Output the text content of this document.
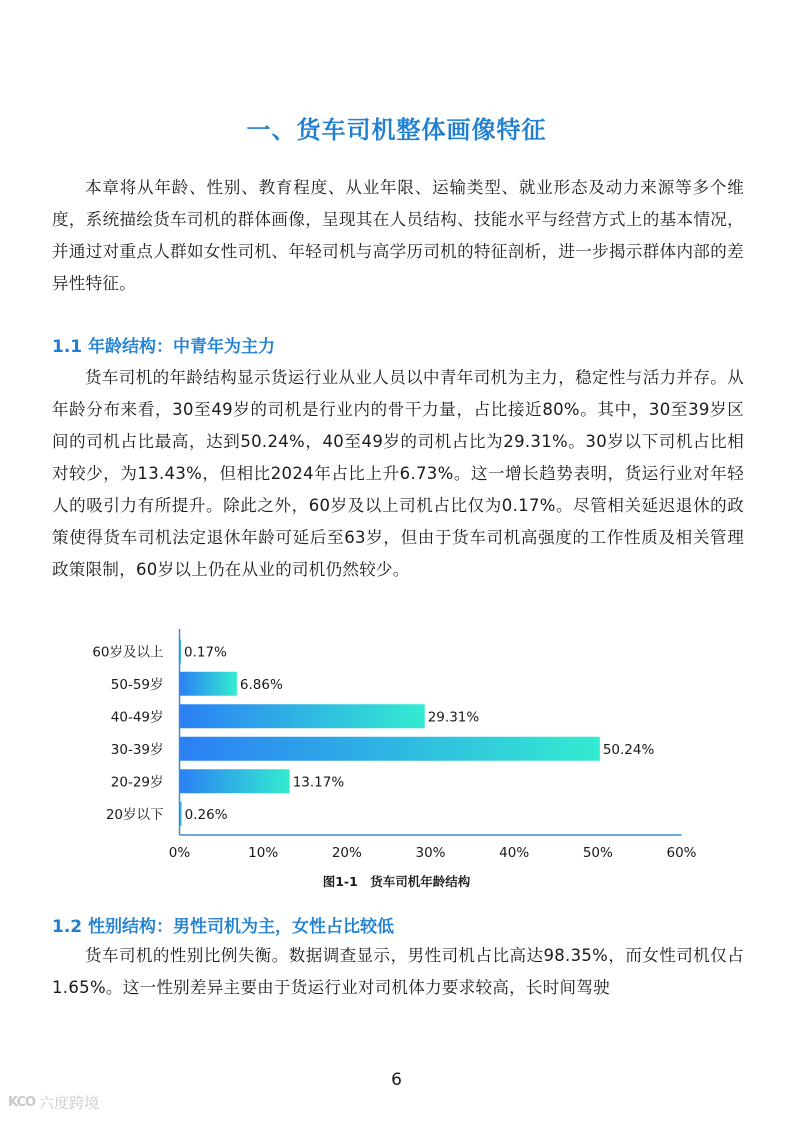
一、货车司机整体画像特征

本章将从年龄、性别、教育程度、从业年限、运输类型、就业形态及动力来源等多个维度，系统描绘货车司机的群体画像，呈现其在人员结构、技能水平与经营方式上的基本情况，并通过对重点人群如女性司机、年轻司机与高学历司机的特征剖析，进一步揭示群体内部的差异性特征。

1.1 年龄结构：中青年为主力

货车司机的年龄结构显示货运行业从业人员以中青年司机为主力，稳定性与活力并存。从年龄分布来看，30至49岁的司机是行业内的骨干力量，占比接近80%。其中，30至39岁区间的司机占比最高，达到50.24%，40至49岁的司机占比为29.31%。30岁以下司机占比相对较少，为13.43%，但相比2024年占比上升6.73%。这一增长趋势表明，货运行业对年轻人的吸引力有所提升。除此之外，60岁及以上司机占比仅为0.17%。尽管相关延迟退休的政策使得货车司机法定退休年龄可延后至63岁，但由于货车司机高强度的工作性质及相关管理政策限制，60岁以上仍在从业的司机仍然较少。

60岁及以上
50-59岁
40-49岁
30-39岁
20-29岁
20岁以下
0.17%
6.86%
29.31%
50.24%
13.17%
0.26%
0%	10%	20%	30%	40%	50%	60%
图1-1　货车司机年龄结构
1.2 性别结构：男性司机为主，女性占比较低

货车司机的性别比例失衡。数据调查显示，男性司机占比高达98.35%，而女性司机仅占1.65%。这一性别差异主要由于货运行业对司机体力要求较高，长时间驾驶

6
KCO 六度跨境
